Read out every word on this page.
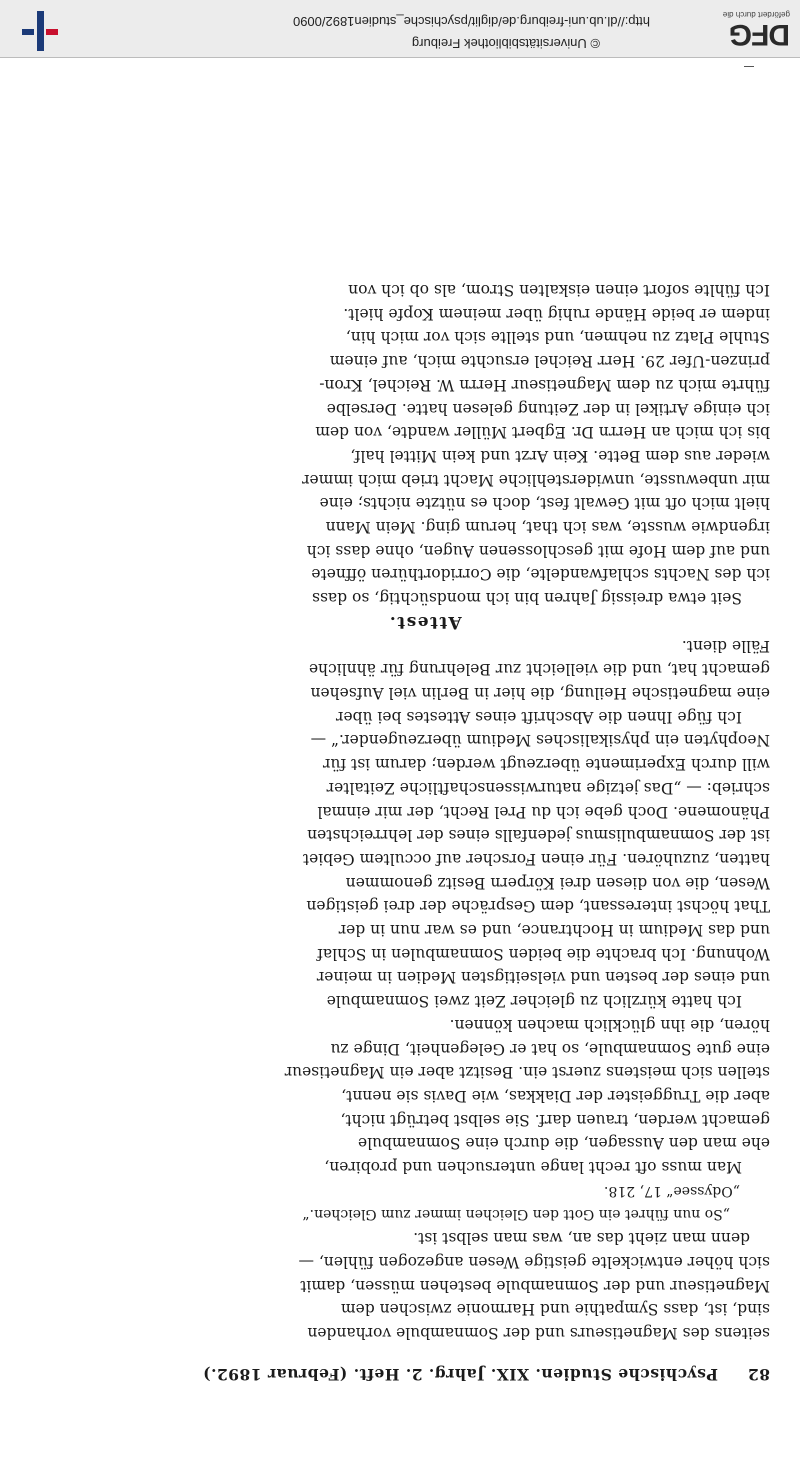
82
Psychische Studien. XIX. Jahrg. 2. Heft. (Februar 1892.)

seitens des Magnetiseurs und der Somnambule vorhanden

sind, ist, dass Sympathie und Harmonie zwischen dem

Magnetiseur und der Somnambule bestehen müssen, damit

sich höher entwickelte geistige Wesen angezogen fühlen, —

denn man zieht das an, was man selbst ist.

„So nun führet ein Gott den Gleichen immer zum Gleichen.“

„Odyssee“ 17, 218.

Man muss oft recht lange untersuchen und probiren,

ehe man den Aussagen, die durch eine Somnambule

gemacht werden, trauen darf. Sie selbst betrügt nicht,

aber die Truggeister der Diakkas, wie Davis sie nennt,

stellen sich meistens zuerst ein. Besitzt aber ein Magnetiseur

eine gute Somnambule, so hat er Gelegenheit, Dinge zu

hören, die ihn glücklich machen können.

Ich hatte kürzlich zu gleicher Zeit zwei Somnambule

und eines der besten und vielseitigsten Medien in meiner

Wohnung. Ich brachte die beiden Somnambulen in Schlaf

und das Medium in Hochtrance, und es war nun in der

That höchst interessant, dem Gespräche der drei geistigen

Wesen, die von diesen drei Körpern Besitz genommen

hatten, zuzuhören. Für einen Forscher auf occultem Gebiet

ist der Somnambulismus jedenfalls eines der lehrreichsten

Phänomene. Doch gebe ich du Prel Recht, der mir einmal

schrieb: — „Das jetzige naturwissenschaftliche Zeitalter

will durch Experimente überzeugt werden; darum ist für

Neophyten ein physikalisches Medium überzeugender.“ —

Ich füge Ihnen die Abschrift eines Attestes bei über

eine magnetische Heilung, die hier in Berlin viel Aufsehen

gemacht hat, und die vielleicht zur Belehrung für ähnliche

Fälle dient.

Attest.

Seit etwa dreissig Jahren bin ich mondsüchtig, so dass

ich des Nachts schlafwandelte, die Corridorthüren öffnete

und auf dem Hofe mit geschlossenen Augen, ohne dass ich

irgendwie wusste, was ich that, herum ging. Mein Mann

hielt mich oft mit Gewalt fest, doch es nützte nichts; eine

mir unbewusste, unwiderstehliche Macht trieb mich immer

wieder aus dem Bette. Kein Arzt und kein Mittel half,

bis ich mich an Herrn Dr. Egbert Müller wandte, von dem

ich einige Artikel in der Zeitung gelesen hatte. Derselbe

führte mich zu dem Magnetiseur Herrn W. Reichel, Kron-

prinzen-Ufer 29. Herr Reichel ersuchte mich, auf einem

Stuhle Platz zu nehmen, und stellte sich vor mich hin,

indem er beide Hände ruhig über meinem Kopfe hielt.

Ich fühlte sofort einen eiskalten Strom, als ob ich von

© Universitätsbibliothek Freiburg
http://dl.ub.uni-freiburg.de/diglit/psychische_studien1892/0090	DFG
gefördert durch die
